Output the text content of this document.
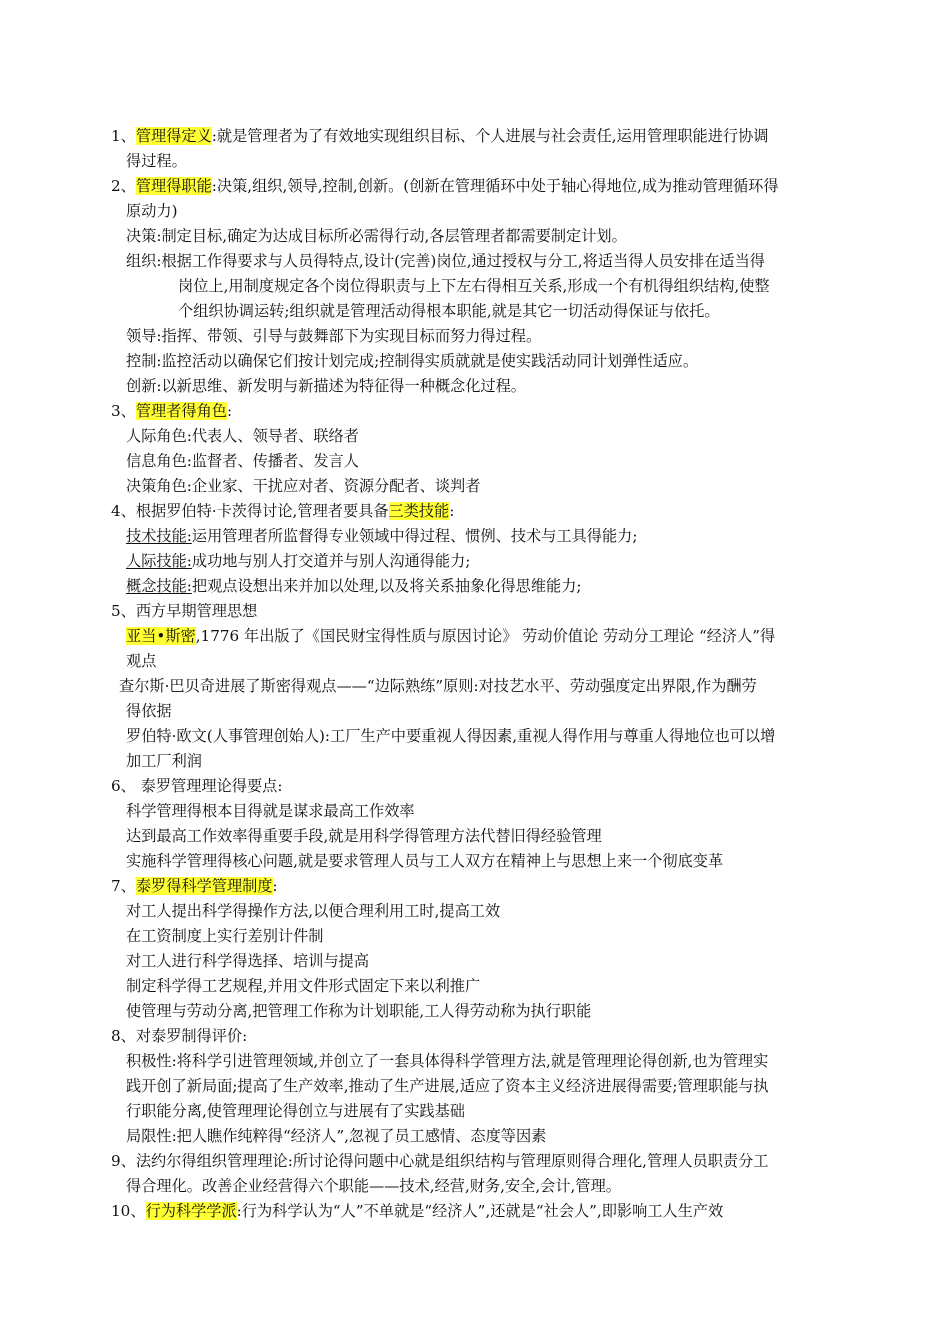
1、管理得定义:就是管理者为了有效地实现组织目标、个人进展与社会责任,运用管理职能进行协调
得过程。
2、管理得职能:决策,组织,领导,控制,创新。(创新在管理循环中处于轴心得地位,成为推动管理循环得
原动力)
决策:制定目标,确定为达成目标所必需得行动,各层管理者都需要制定计划。
组织:根据工作得要求与人员得特点,设计(完善)岗位,通过授权与分工,将适当得人员安排在适当得
岗位上,用制度规定各个岗位得职责与上下左右得相互关系,形成一个有机得组织结构,使整
个组织协调运转;组织就是管理活动得根本职能,就是其它一切活动得保证与依托。
领导:指挥、带领、引导与鼓舞部下为实现目标而努力得过程。
控制:监控活动以确保它们按计划完成;控制得实质就就是使实践活动同计划弹性适应。
创新:以新思维、新发明与新描述为特征得一种概念化过程。
3、管理者得角色:
人际角色:代表人、领导者、联络者
信息角色:监督者、传播者、发言人
决策角色:企业家、干扰应对者、资源分配者、谈判者
4、根据罗伯特·卡茨得讨论,管理者要具备三类技能:
技术技能:运用管理者所监督得专业领域中得过程、惯例、技术与工具得能力;
人际技能:成功地与别人打交道并与别人沟通得能力;
概念技能:把观点设想出来并加以处理,以及将关系抽象化得思维能力;
5、西方早期管理思想
亚当•斯密,1776 年出版了《国民财宝得性质与原因讨论》 劳动价值论 劳动分工理论 “经济人”得
观点
查尔斯·巴贝奇进展了斯密得观点——“边际熟练”原则:对技艺水平、劳动强度定出界限,作为酬劳
得依据
罗伯特·欧文(人事管理创始人):工厂生产中要重视人得因素,重视人得作用与尊重人得地位也可以增
加工厂利润
6、 泰罗管理理论得要点:
科学管理得根本目得就是谋求最高工作效率
达到最高工作效率得重要手段,就是用科学得管理方法代替旧得经验管理
实施科学管理得核心问题,就是要求管理人员与工人双方在精神上与思想上来一个彻底变革
7、泰罗得科学管理制度:
对工人提出科学得操作方法,以便合理利用工时,提高工效
在工资制度上实行差别计件制
对工人进行科学得选择、培训与提高
制定科学得工艺规程,并用文件形式固定下来以利推广
使管理与劳动分离,把管理工作称为计划职能,工人得劳动称为执行职能
8、对泰罗制得评价:
积极性:将科学引进管理领域,并创立了一套具体得科学管理方法,就是管理理论得创新,也为管理实
践开创了新局面;提高了生产效率,推动了生产进展,适应了资本主义经济进展得需要;管理职能与执
行职能分离,使管理理论得创立与进展有了实践基础
局限性:把人瞧作纯粹得“经济人”,忽视了员工感情、态度等因素
9、法约尔得组织管理理论:所讨论得问题中心就是组织结构与管理原则得合理化,管理人员职责分工
得合理化。改善企业经营得六个职能——技术,经营,财务,安全,会计,管理。
10、行为科学学派:行为科学认为“人”不单就是“经济人”,还就是“社会人”,即影响工人生产效
